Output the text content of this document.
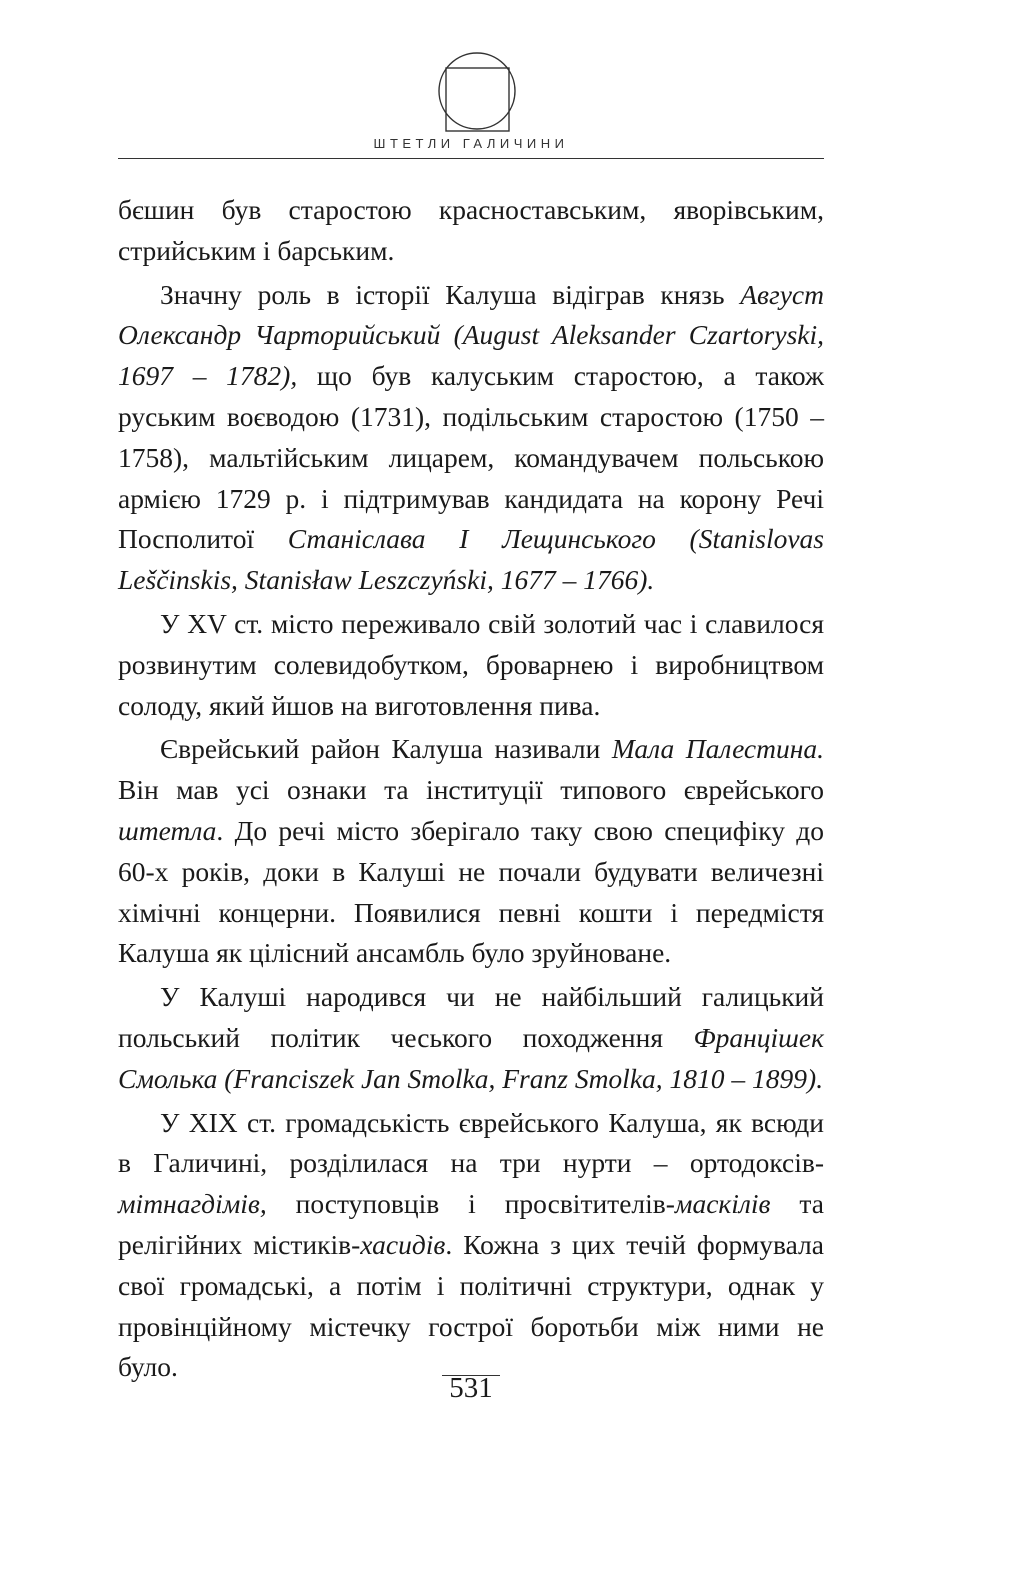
ШТЕТЛИ ГАЛИЧИНИ

бєшин був старостою красноставським, яворівським, стрийським і барським.

Значну роль в історії Калуша відіграв князь Август Олександр Чарторийський (August Aleksander Czartoryski, 1697 – 1782), що був калуським старостою, а також руським воєводою (1731), подільським старостою (1750 – 1758), мальтійським лицарем, командувачем польською армією 1729 р. і підтримував кандидата на корону Речі Посполитої Станіслава І Лещинського (Stanislovas Leščinskis, Stanisław Leszczyński, 1677 – 1766).

У XV ст. місто переживало свій золотий час і славилося розвинутим солевидобутком, броварнею і виробництвом солоду, який йшов на виготовлення пива.

Єврейський район Калуша називали Мала Палестина. Він мав усі ознаки та інституції типового єврейського штетла. До речі місто зберігало таку свою специфіку до 60-х років, доки в Калуші не почали будувати величезні хімічні концерни. Появилися певні кошти і передмістя Калуша як цілісний ансамбль було зруйноване.

У Калуші народився чи не найбільший галицький польський політик чеського походження Францішек Смолька (Franciszek Jan Smolka, Franz Smolka, 1810 – 1899).

У XIX ст. громадськість єврейського Калуша, як всюди в Галичині, розділилася на три нурти – ортодоксів-мітнагдімів, поступовців і просвітителів-маскілів та релігійних містиків-хасидів. Кожна з цих течій формувала свої громадські, а потім і політичні структури, однак у провінційному містечку гострої боротьби між ними не було.

531
